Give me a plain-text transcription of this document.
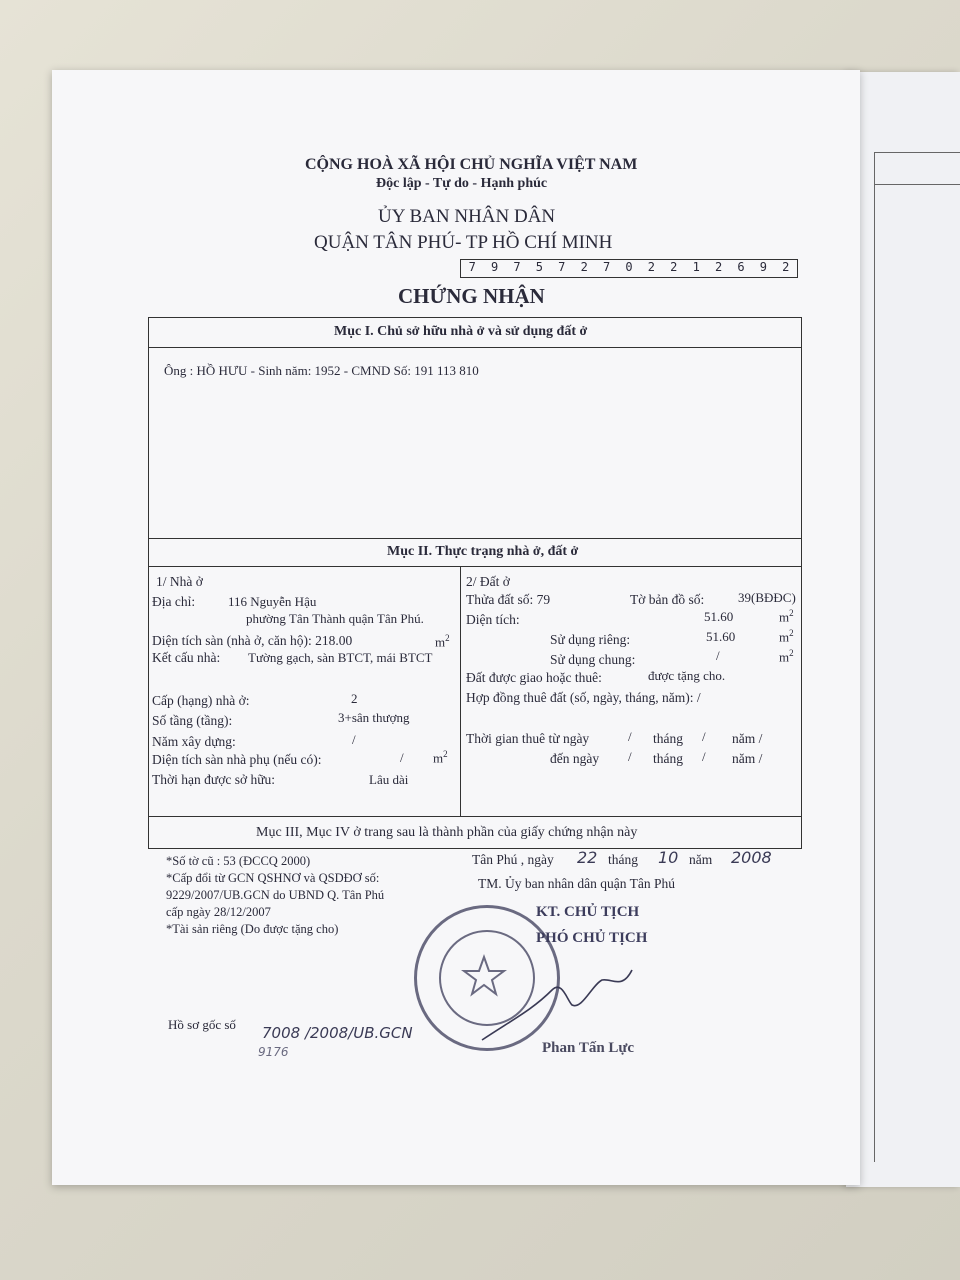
CỘNG HOÀ XÃ HỘI CHỦ NGHĨA VIỆT NAM
Độc lập - Tự do - Hạnh phúc
ỦY BAN NHÂN DÂN
QUẬN TÂN PHÚ- TP HỒ CHÍ MINH
7	9	7	5	7	2	7	0	2	2	1	2	6	9	2
CHỨNG NHẬN
Mục I. Chủ sở hữu nhà ở và sử dụng đất ở
Ông : HỒ HƯU - Sinh năm: 1952 - CMND Số: 191 113 810
Mục II. Thực trạng nhà ở, đất ở
1/ Nhà ở
Địa chỉ:	116 Nguyễn Hậu
phường Tân Thành quận Tân Phú.
Diện tích sàn (nhà ở, căn hộ): 218.00	$m^2$
Kết cấu nhà: Tường gạch, sàn BTCT, mái BTCT
Cấp (hạng) nhà ở:	2
Số tầng (tầng):	3+sân thượng
Năm xây dựng:	/
Diện tích sàn nhà phụ (nếu có):	/ $m^2$
Thời hạn được sở hữu:	Lâu dài
2/ Đất ở
Thửa đất số: 79	Tờ bản đồ số:	39(BĐĐC)
Diện tích:	51.60	$m^2$
Sử dụng riêng:	51.60	$m^2$
Sử dụng chung:	/	$m^2$
Đất được giao hoặc thuê:	được tặng cho.
Hợp đồng thuê đất (số, ngày, tháng, năm): /
Thời gian thuê từ ngày	/ tháng / năm /
đến ngày / tháng / năm /
Mục III, Mục IV ở trang sau là thành phần của giấy chứng nhận này
*Số tờ cũ : 53 (ĐCCQ 2000)
*Cấp đổi từ GCN QSHNƠ và QSDĐƠ số:
9229/2007/UB.GCN do UBND Q. Tân Phú
cấp ngày 28/12/2007
*Tài sản riêng (Do được tặng cho)
Tân Phú , ngày 22 tháng 10 năm 2008
TM. Ủy ban nhân dân quận Tân Phú
KT. CHỦ TỊCH
PHÓ CHỦ TỊCH
Phan Tấn Lực
Hồ sơ gốc số 7008 /2008/UB.GCN
9176
